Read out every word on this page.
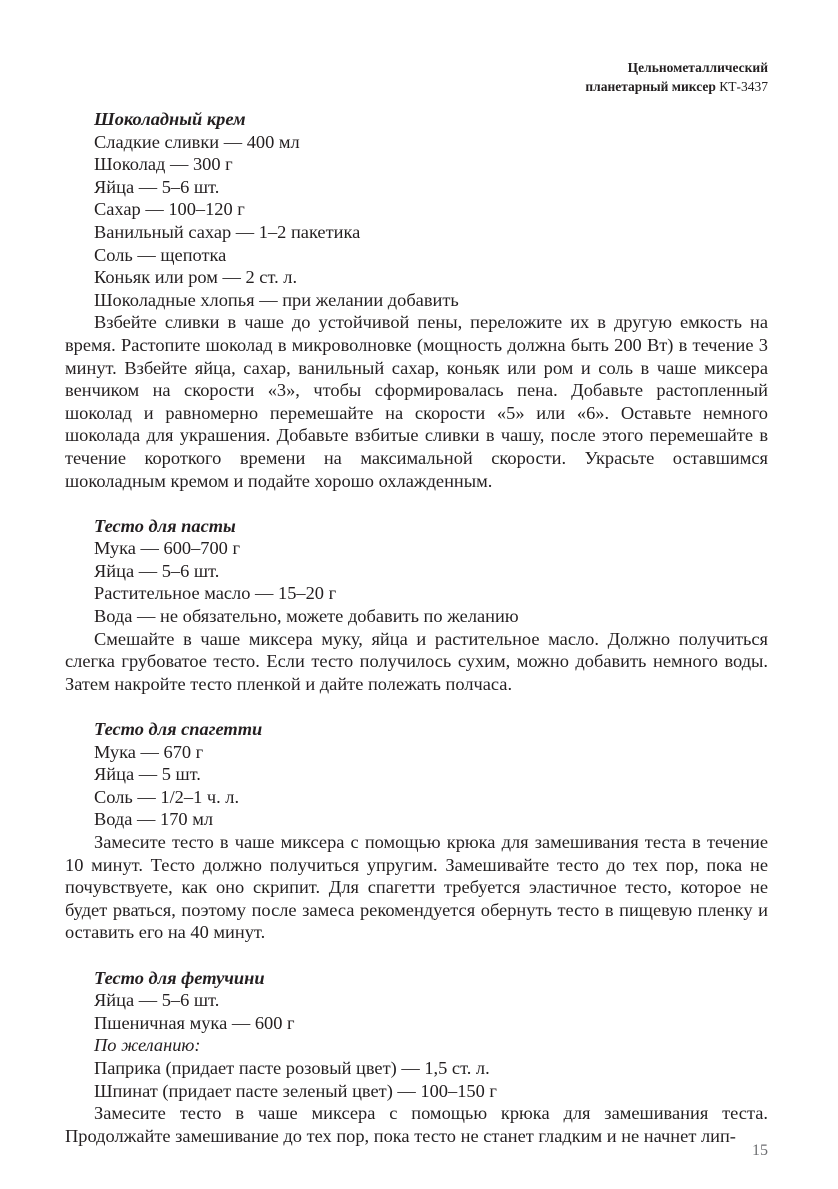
Цельнометаллический
планетарный миксер КТ-3437

Шоколадный крем

Сладкие сливки — 400 мл

Шоколад — 300 г

Яйца — 5–6 шт.

Сахар — 100–120 г

Ванильный сахар — 1–2 пакетика

Соль — щепотка

Коньяк или ром — 2 ст. л.

Шоколадные хлопья — при желании добавить

Взбейте сливки в чаше до устойчивой пены, переложите их в другую емкость на время. Растопите шоколад в микроволновке (мощность должна быть 200 Вт) в течение 3 минут. Взбейте яйца, сахар, ванильный сахар, коньяк или ром и соль в чаше миксера венчиком на скорости «3», чтобы сформировалась пена. Добавьте растопленный шоколад и равномерно перемешайте на скорости «5» или «6». Оставьте немного шоколада для украшения. Добавьте взбитые сливки в чашу, после этого перемешайте в течение короткого времени на максимальной скорости. Украсьте оставшимся шоколадным кремом и подайте хорошо охлажденным.

Тесто для пасты

Мука — 600–700 г

Яйца — 5–6 шт.

Растительное масло — 15–20 г

Вода — не обязательно, можете добавить по желанию

Смешайте в чаше миксера муку, яйца и растительное масло. Должно получиться слегка грубоватое тесто. Если тесто получилось сухим, можно добавить немного воды. Затем накройте тесто пленкой и дайте полежать полчаса.

Тесто для спагетти

Мука — 670 г

Яйца — 5 шт.

Соль — 1/2–1 ч. л.

Вода — 170 мл

Замесите тесто в чаше миксера с помощью крюка для замешивания теста в течение 10 минут. Тесто должно получиться упругим. Замешивайте тесто до тех пор, пока не почувствуете, как оно скрипит. Для спагетти требуется эластичное тесто, которое не будет рваться, поэтому после замеса рекомендуется обернуть тесто в пищевую пленку и оставить его на 40 минут.

Тесто для фетучини

Яйца — 5–6 шт.

Пшеничная мука — 600 г

По желанию:

Паприка (придает пасте розовый цвет) — 1,5 ст. л.

Шпинат (придает пасте зеленый цвет) — 100–150 г

Замесите тесто в чаше миксера с помощью крюка для замешивания теста. Продолжайте замешивание до тех пор, пока тесто не станет гладким и не начнет лип-

15
